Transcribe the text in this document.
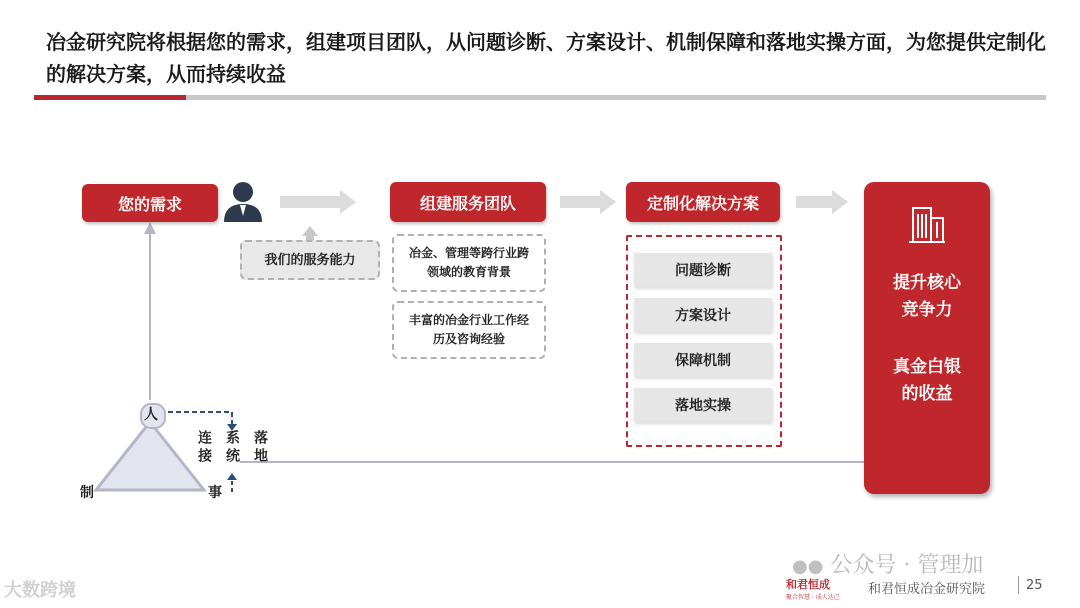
冶金研究院将根据您的需求，组建项目团队，从问题诊断、方案设计、机制保障和落地实操方面，为您提供定制化的解决方案，从而持续收益
您的需求
我们的服务能力
组建服务团队
冶金、管理等跨行业跨领域的教育背景
丰富的冶金行业工作经历及咨询经验
定制化解决方案
问题诊断
方案设计
保障机制
落地实操
提升核心
竞争力
真金白银
的收益
人
制	事
连接 系统 落地
大数跨境
●● 公众号 · 管理加
和君恒成
聚合智慧 · 成人达己
和君恒成冶金研究院	25
